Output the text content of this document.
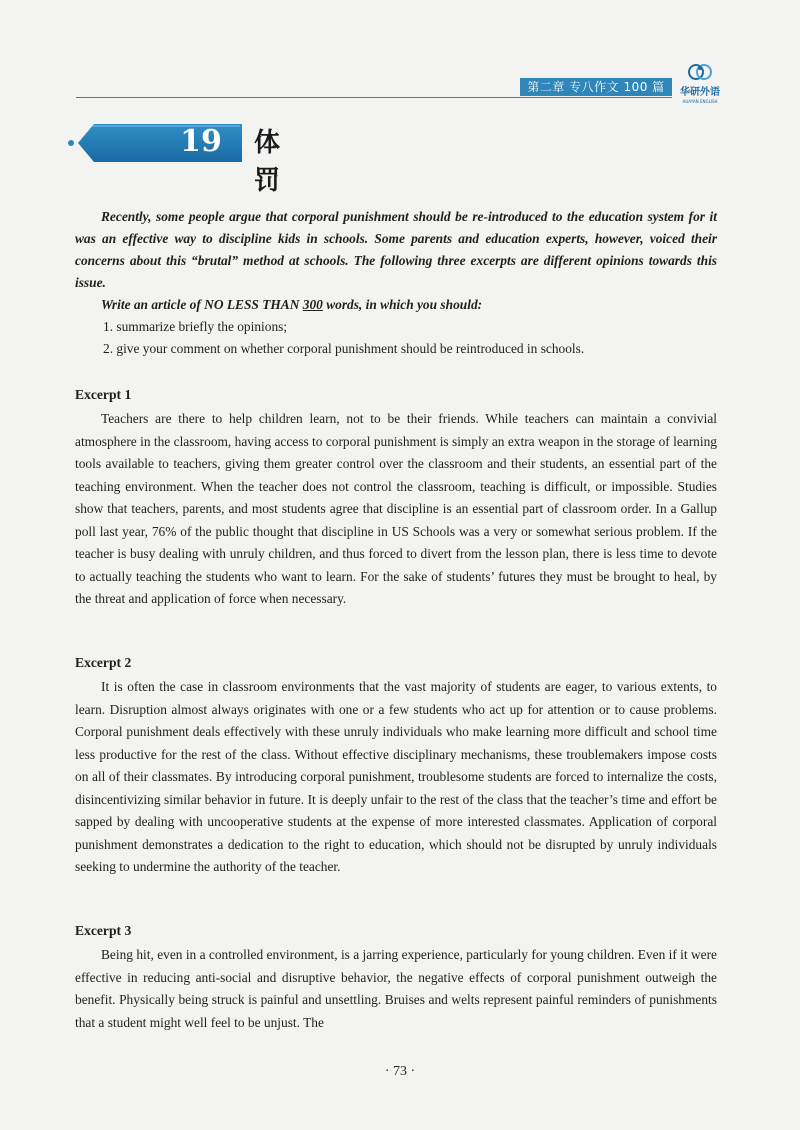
第二章 专八作文 100 篇	华研外语
HUAYAN ENGLISH
19	体罚

Recently, some people argue that corporal punishment should be re-introduced to the education system for it was an effective way to discipline kids in schools. Some parents and education experts, however, voiced their concerns about this “brutal” method at schools. The following three excerpts are different opinions towards this issue.

Write an article of NO LESS THAN 300 words, in which you should:

1. summarize briefly the opinions;
2. give your comment on whether corporal punishment should be reintroduced in schools.
Excerpt 1

Teachers are there to help children learn, not to be their friends. While teachers can maintain a convivial atmosphere in the classroom, having access to corporal punishment is simply an extra weapon in the storage of learning tools available to teachers, giving them greater control over the classroom and their students, an essential part of the teaching environment. When the teacher does not control the classroom, teaching is difficult, or impossible. Studies show that teachers, parents, and most students agree that discipline is an essential part of classroom order. In a Gallup poll last year, 76% of the public thought that discipline in US Schools was a very or somewhat serious problem. If the teacher is busy dealing with unruly children, and thus forced to divert from the lesson plan, there is less time to devote to actually teaching the students who want to learn. For the sake of students’ futures they must be brought to heal, by the threat and application of force when necessary.

Excerpt 2

It is often the case in classroom environments that the vast majority of students are eager, to various extents, to learn. Disruption almost always originates with one or a few students who act up for attention or to cause problems. Corporal punishment deals effectively with these unruly individuals who make learning more difficult and school time less productive for the rest of the class. Without effective disciplinary mechanisms, these troublemakers impose costs on all of their classmates. By introducing corporal punishment, troublesome students are forced to internalize the costs, disincentivizing similar behavior in future. It is deeply unfair to the rest of the class that the teacher’s time and effort be sapped by dealing with uncooperative students at the expense of more interested classmates. Application of corporal punishment demonstrates a dedication to the right to education, which should not be disrupted by unruly individuals seeking to undermine the authority of the teacher.

Excerpt 3

Being hit, even in a controlled environment, is a jarring experience, particularly for young children. Even if it were effective in reducing anti-social and disruptive behavior, the negative effects of corporal punishment outweigh the benefit. Physically being struck is painful and unsettling. Bruises and welts represent painful reminders of punishments that a student might well feel to be unjust. The

· 73 ·
